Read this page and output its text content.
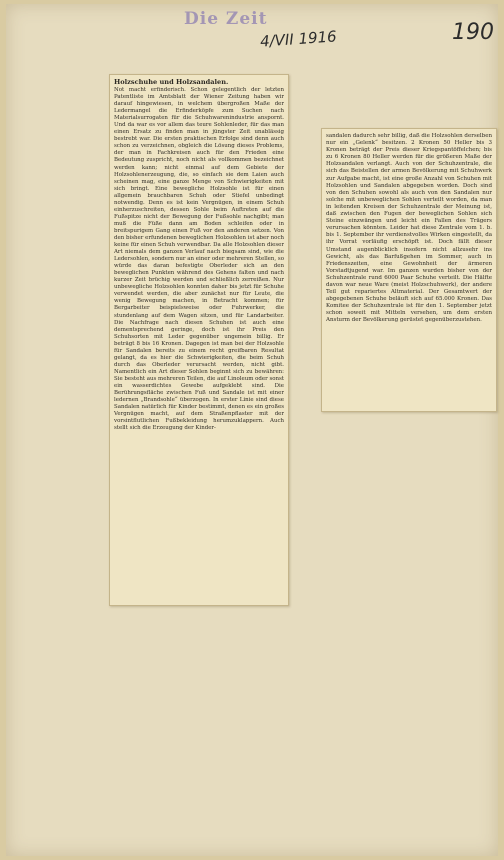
Die Zeit
4/VII 1916	190

Holzschuhe und Holzsandalen.

Not macht erfinderisch. Schon gelegentlich der letzten Patentliste im Amtsblatt der Wiener Zeitung haben wir darauf hingewiesen, in welchem übergroßen Maße der Ledermangel die Erfinderköpfe zum Suchen nach Materialsurrogaten für die Schuhwarenindustrie anspornt. Und da war es vor allem das teure Sohlenleder, für das man einen Ersatz zu finden man in jüngster Zeit unablässig bestrebt war. Die ersten praktischen Erfolge sind denn auch schon zu verzeichnen, obgleich die Lösung dieses Problems, der man in Fachkreisen auch für den Frieden eine Bedeutung zuspricht, noch nicht als vollkommen bezeichnet werden kann; nicht einmal auf dem Gebiete der Holzsohlenerzeugung, die, so einfach sie dem Laien auch scheinen mag, eine ganze Menge von Schwierigkeiten mit sich bringt. Eine bewegliche Holzsohle ist für einen allgemein brauchbaren Schuh oder Stiefel unbedingt notwendig. Denn es ist kein Vergnügen, in einem Schuh einherzuschreiten, dessen Sohle beim Auftreten auf die Fußspitze nicht der Bewegung der Fußsohle nachgibt; man muß die Füße dann am Boden schleifen oder in breitspurigem Gang einen Fuß vor den anderen setzen. Von den bisher erfundenen beweglichen Holzsohlen ist aber noch keine für einen Schuh verwendbar. Da alle Holzsohlen dieser Art niemals dem ganzen Verlauf nach biegsam sind, wie die Ledersohlen, sondern nur an einer oder mehreren Stellen, so würde das daran befestigte Oberleder sich an den beweglichen Punkten während des Gehens falten und nach kurzer Zeit brüchig werden und schließlich zerreißen. Nur unbewegliche Holzsohlen konnten daher bis jetzt für Schuhe verwendet werden, die aber zunächst nur für Leute, die wenig Bewegung machen, in Betracht kommen; für Bergarbeiter beispielsweise oder Fuhrwerker, die stundenlang auf dem Wagen sitzen, und für Landarbeiter. Die Nachfrage nach diesen Schuhen ist auch eine dementsprechend geringe, doch ist ihr Preis den Schuhsorten mit Leder gegenüber ungemein billig. Er beträgt 8 bis 16 Kronen. Dagegen ist man bei der Holzsohle für Sandalen bereits zu einem recht greifbaren Resultat gelangt, da es hier die Schwierigkeiten, die beim Schuh durch das Oberleder verursacht werden, nicht gibt. Namentlich ein Art dieser Sohlen beginnt sich zu bewähren: Sie besteht aus mehreren Teilen, die auf Linoleum oder sonst ein wasserdichtes Gewebe aufgeklebt sind. Die Berührungsfläche zwischen Fuß und Sandale ist mit einer ledernen „Brandsohle“ überzogen. In erster Linie sind diese Sandalen natürlich für Kinder bestimmt, denen es ein großes Vergnügen macht, auf dem Straßenpflaster mit der vorsintflutlichen Fußbekleidung herumzuklappern. Auch stellt sich die Erzeugung der Kinder-

sandalen dadurch sehr billig, daß die Holzsohlen derselben nur ein „Gelenk“ besitzen. 2 Kronen 50 Heller bis 3 Kronen beträgt der Preis dieser Kriegspantöffelchen; bis zu 6 Kronen 80 Heller werden für die größeren Maße der Holzsandalen verlangt. Auch von der Schuhzentrale, die sich das Beistellen der armen Bevölkerung mit Schuhwerk zur Aufgabe macht, ist eine große Anzahl von Schuhen mit Holzsohlen und Sandalen abgegeben worden. Doch sind von den Schuhen sowohl als auch von den Sandalen nur solche mit unbeweglichen Sohlen verteilt worden, da man in leitenden Kreisen der Schuhzentrale der Meinung ist, daß zwischen den Fugen der beweglichen Sohlen sich Steine einzwängen und leicht ein Fallen des Trägers verursachen könnten. Leider hat diese Zentrale vom 1. b. bis 1. September ihr verdienstvolles Wirken eingestellt, da ihr Vorrat vorläufig erschöpft ist. Doch fällt dieser Umstand augenblicklich insofern nicht allzusehr ins Gewicht, als das Barfußgehen im Sommer, auch in Friedenszeiten, eine Gewohnheit der ärmeren Vorstadtjugend war. Im ganzen wurden bisher von der Schuhzentrale rund 6000 Paar Schuhe verteilt. Die Hälfte davon war neue Ware (meist Holzschuhwerk), der andere Teil gut repariertes Altmaterial. Der Gesamtwert der abgegebenen Schuhe beläuft sich auf 65.000 Kronen. Das Komitee der Schuhzentrale ist für den 1. September jetzt schon soweit mit Mitteln versehen, um dem ersten Ansturm der Bevölkerung gerüstet gegenüberzustehen.
